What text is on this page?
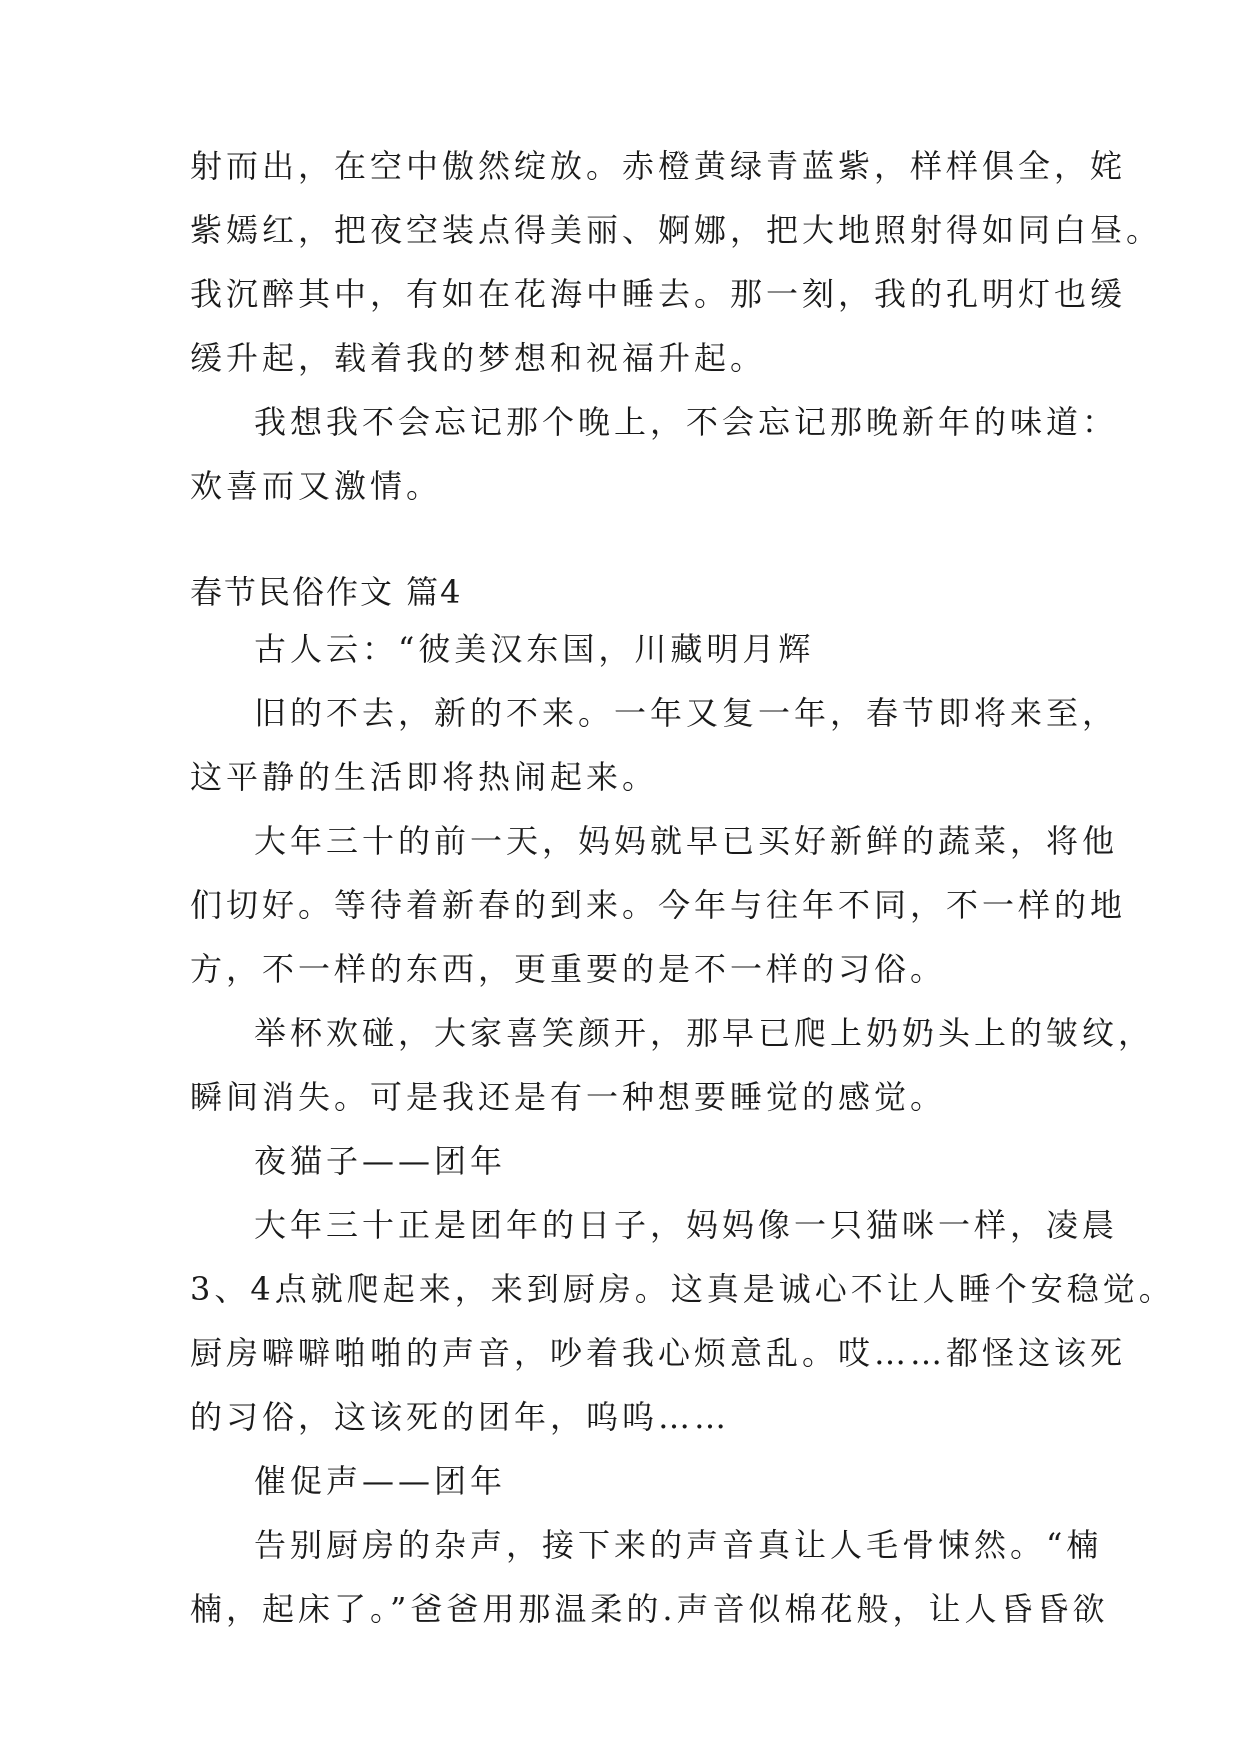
射而出，在空中傲然绽放。赤橙黄绿青蓝紫，样样俱全，姹
紫嫣红，把夜空装点得美丽、婀娜，把大地照射得如同白昼。
我沉醉其中，有如在花海中睡去。那一刻，我的孔明灯也缓
缓升起，载着我的梦想和祝福升起。
我想我不会忘记那个晚上，不会忘记那晚新年的味道：
欢喜而又激情。
春节民俗作文 篇4
古人云：“彼美汉东国，川藏明月辉
旧的不去，新的不来。一年又复一年，春节即将来至，
这平静的生活即将热闹起来。
大年三十的前一天，妈妈就早已买好新鲜的蔬菜，将他
们切好。等待着新春的到来。今年与往年不同，不一样的地
方，不一样的东西，更重要的是不一样的习俗。
举杯欢碰，大家喜笑颜开，那早已爬上奶奶头上的皱纹，
瞬间消失。可是我还是有一种想要睡觉的感觉。
夜猫子——团年
大年三十正是团年的日子，妈妈像一只猫咪一样，凌晨
3、4点就爬起来，来到厨房。这真是诚心不让人睡个安稳觉。
厨房噼噼啪啪的声音，吵着我心烦意乱。哎……都怪这该死
的习俗，这该死的团年，呜呜……
催促声——团年
告别厨房的杂声，接下来的声音真让人毛骨悚然。“楠
楠，起床了。”爸爸用那温柔的.声音似棉花般，让人昏昏欲
